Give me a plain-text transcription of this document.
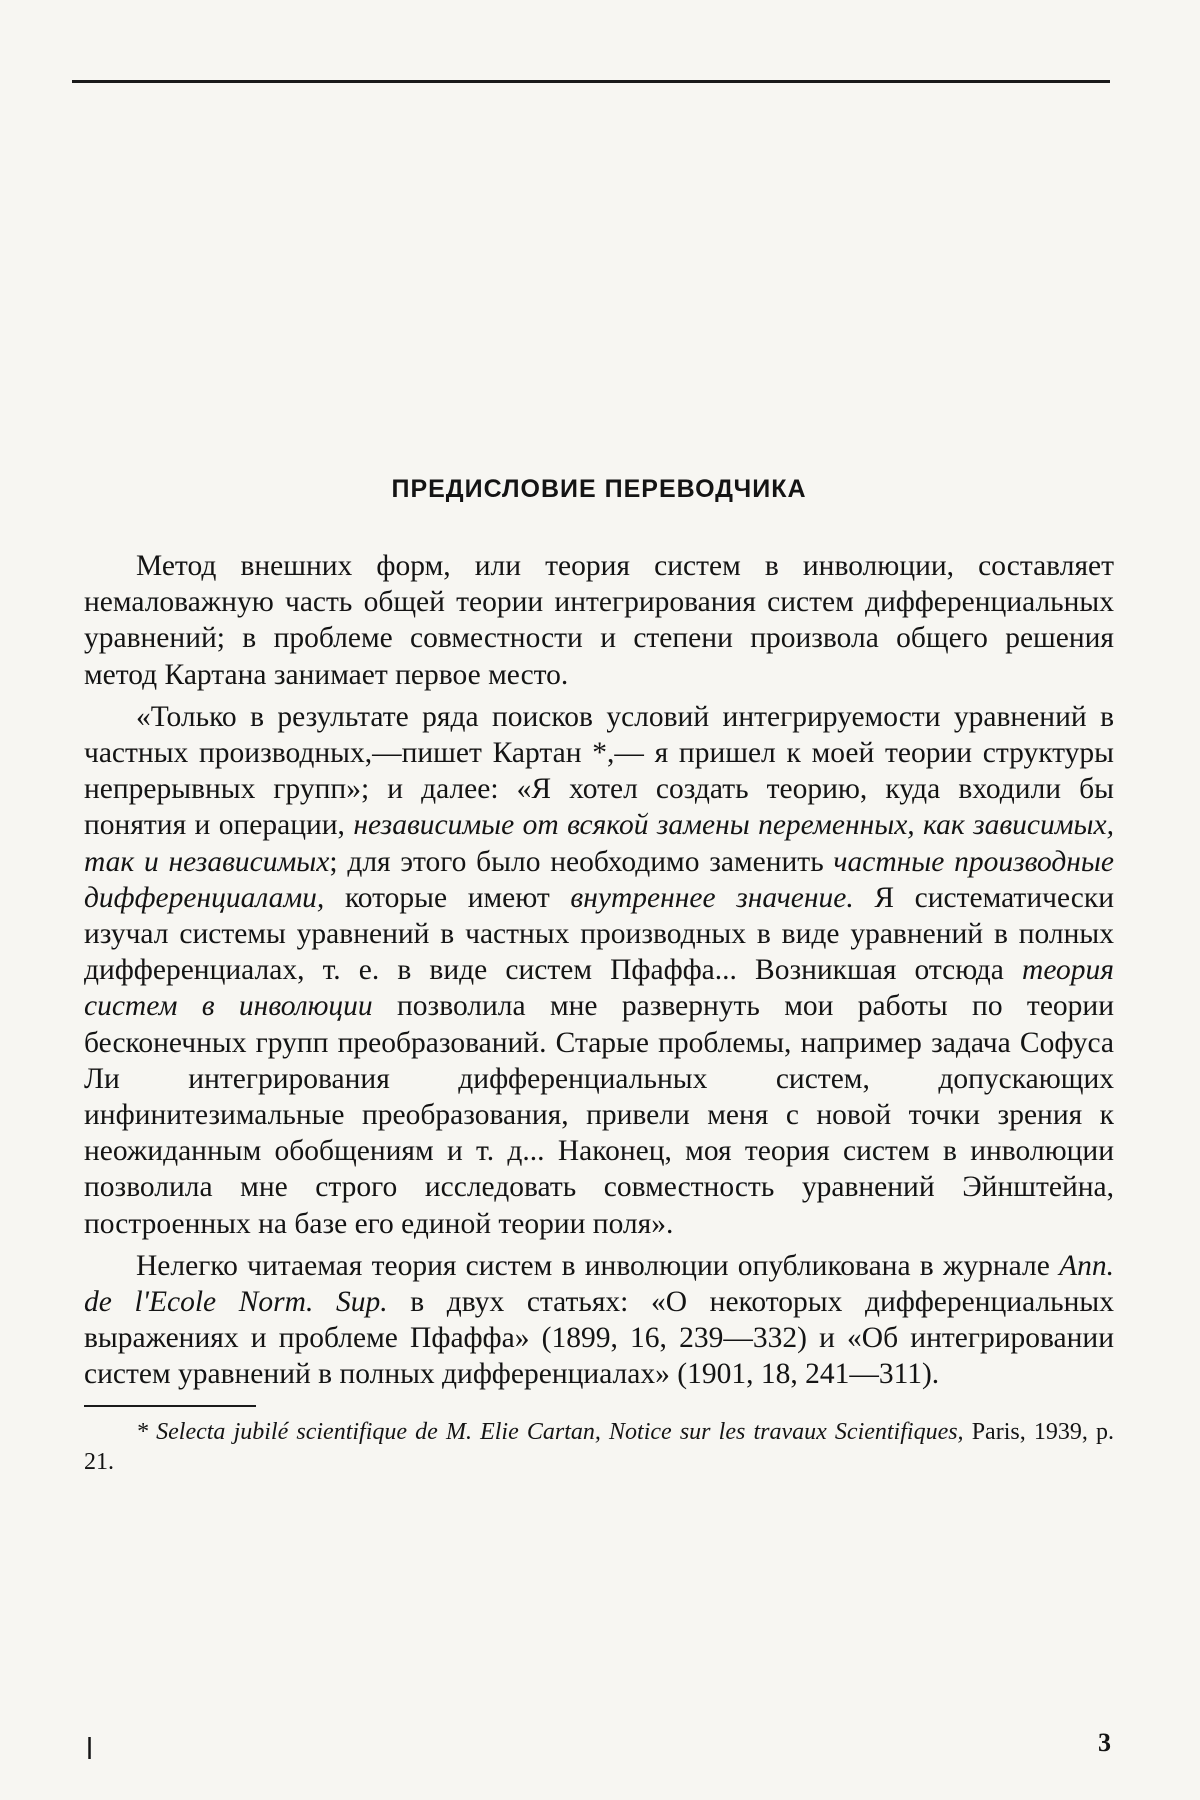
ПРЕДИСЛОВИЕ ПЕРЕВОДЧИКА

Метод внешних форм, или теория систем в инволюции, составляет немаловажную часть общей теории интегрирования систем дифференциальных уравнений; в проблеме совместности и степени произвола общего решения метод Картана занимает первое место.

«Только в результате ряда поисков условий интегрируемости уравнений в частных производных,—пишет Картан *,— я пришел к моей теории структуры непрерывных групп»; и далее: «Я хотел создать теорию, куда входили бы понятия и операции, независимые от всякой замены переменных, как зависимых, так и независимых; для этого было необходимо заменить частные производные дифференциалами, которые имеют внутреннее значение. Я систематически изучал системы уравнений в частных производных в виде уравнений в полных дифференциалах, т. е. в виде систем Пфаффа... Возникшая отсюда теория систем в инволюции позволила мне развернуть мои работы по теории бесконечных групп преобразований. Старые проблемы, например задача Софуса Ли интегрирования дифференциальных систем, допускающих инфинитезимальные преобразования, привели меня с новой точки зрения к неожиданным обобщениям и т. д... Наконец, моя теория систем в инволюции позволила мне строго исследовать совместность уравнений Эйнштейна, построенных на базе его единой теории поля».

Нелегко читаемая теория систем в инволюции опубликована в журнале Ann. de l'Ecole Norm. Sup. в двух статьях: «О некоторых дифференциальных выражениях и проблеме Пфаффа» (1899, 16, 239—332) и «Об интегрировании систем уравнений в полных дифференциалах» (1901, 18, 241—311).

* Selecta jubilé scientifique de M. Elie Cartan, Notice sur les travaux Scientifiques, Paris, 1939, p. 21.

ǀ	3
